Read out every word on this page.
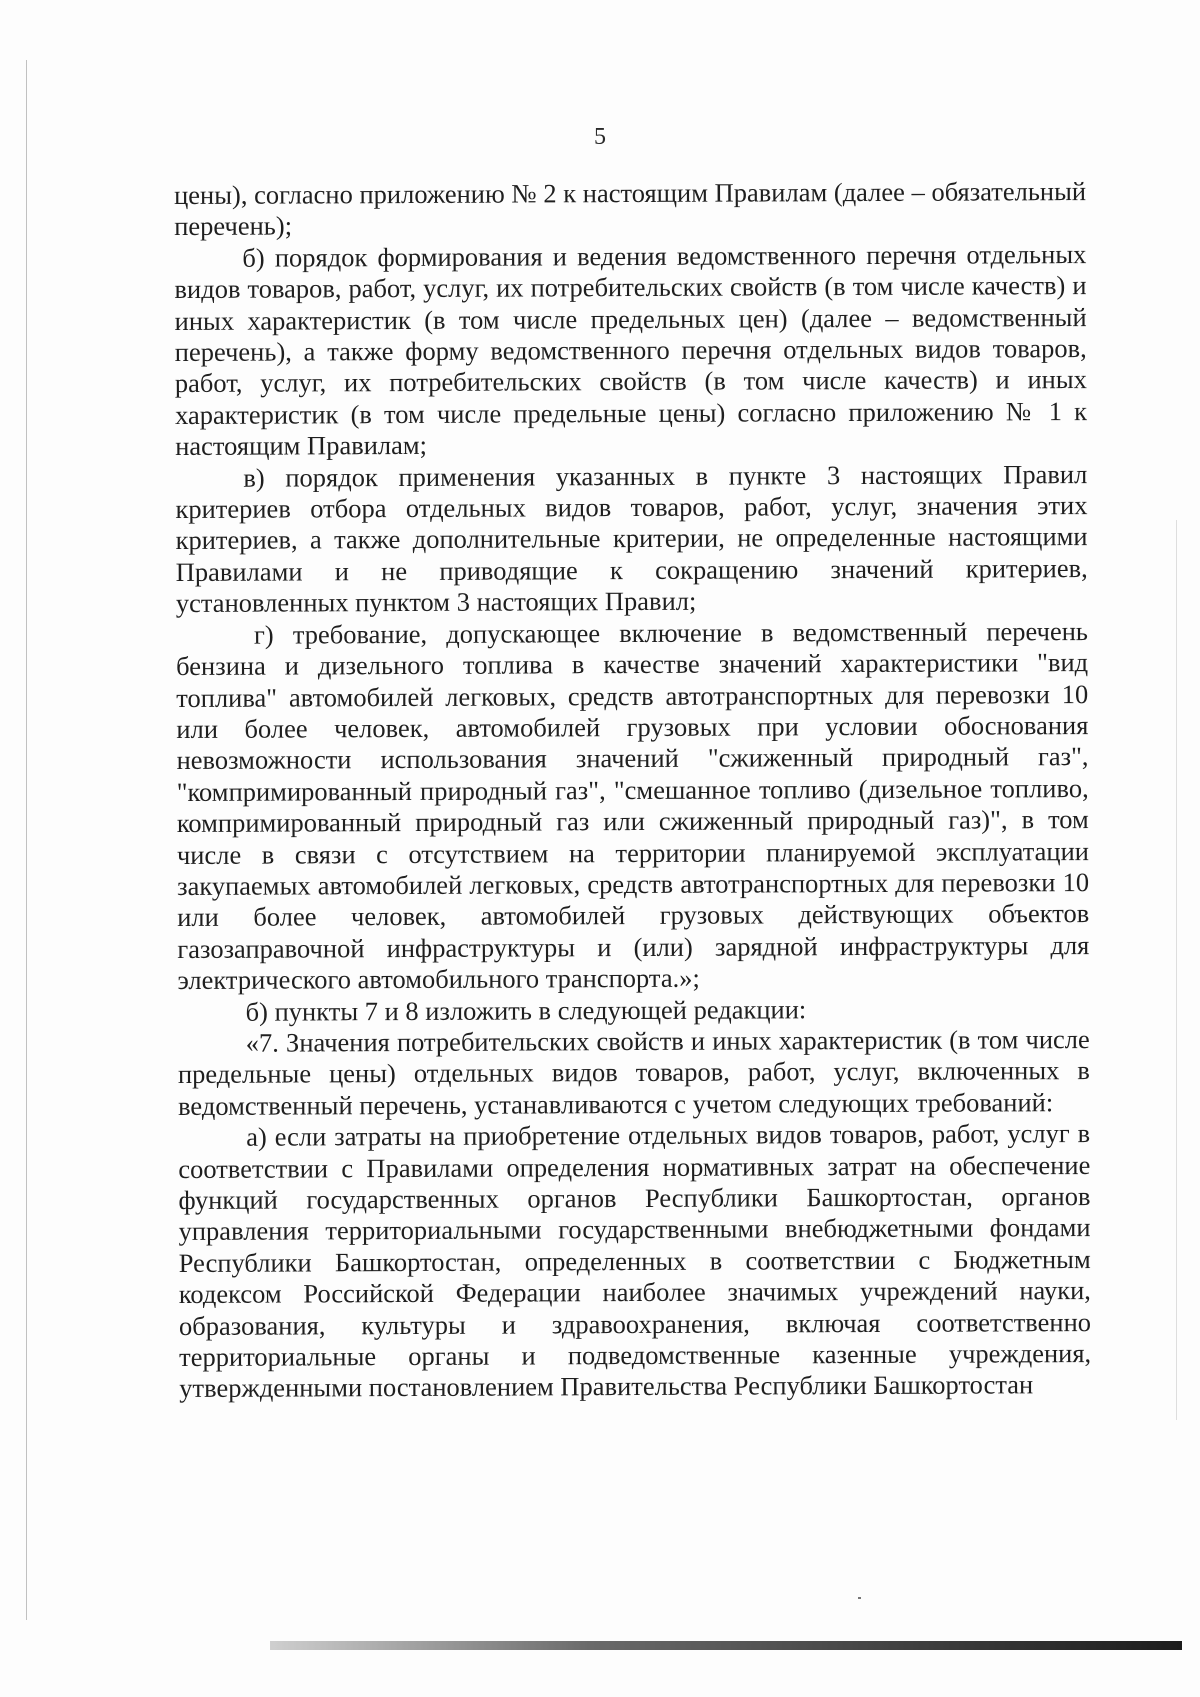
5

цены), согласно приложению № 2 к настоящим Правилам (далее – обязательный перечень);

б) порядок формирования и ведения ведомственного перечня отдельных видов товаров, работ, услуг, их потребительских свойств (в том числе качеств) и иных характеристик (в том числе предельных цен) (далее – ведомственный перечень), а также форму ведомственного перечня отдельных видов товаров, работ, услуг, их потребительских свойств (в том числе качеств) и иных характеристик (в том числе предельные цены) согласно приложению № 1 к настоящим Правилам;

в) порядок применения указанных в пункте 3 настоящих Правил критериев отбора отдельных видов товаров, работ, услуг, значения этих критериев, а также дополнительные критерии, не определенные настоящими Правилами и не приводящие к сокращению значений критериев, установленных пунктом 3 настоящих Правил;

г) требование, допускающее включение в ведомственный перечень бензина и дизельного топлива в качестве значений характеристики "вид топлива" автомобилей легковых, средств автотранспортных для перевозки 10 или более человек, автомобилей грузовых при условии обоснования невозможности использования значений "сжиженный природный газ", "компримированный природный газ", "смешанное топливо (дизельное топливо, компримированный природный газ или сжиженный природный газ)", в том числе в связи с отсутствием на территории планируемой эксплуатации закупаемых автомобилей легковых, средств автотранспортных для перевозки 10 или более человек, автомобилей грузовых действующих объектов газозаправочной инфраструктуры и (или) зарядной инфраструктуры для электрического автомобильного транспорта.»;

б) пункты 7 и 8 изложить в следующей редакции:

«7. Значения потребительских свойств и иных характеристик (в том числе предельные цены) отдельных видов товаров, работ, услуг, включенных в ведомственный перечень, устанавливаются с учетом следующих требований:

а) если затраты на приобретение отдельных видов товаров, работ, услуг в соответствии с Правилами определения нормативных затрат на обеспечение функций государственных органов Республики Башкортостан, органов управления территориальными государственными внебюджетными фондами Республики Башкортостан, определенных в соответствии с Бюджетным кодексом Российской Федерации наиболее значимых учреждений науки, образования, культуры и здравоохранения, включая соответственно территориальные органы и подведомственные казенные учреждения, утвержденными постановлением Правительства Республики Башкортостан
